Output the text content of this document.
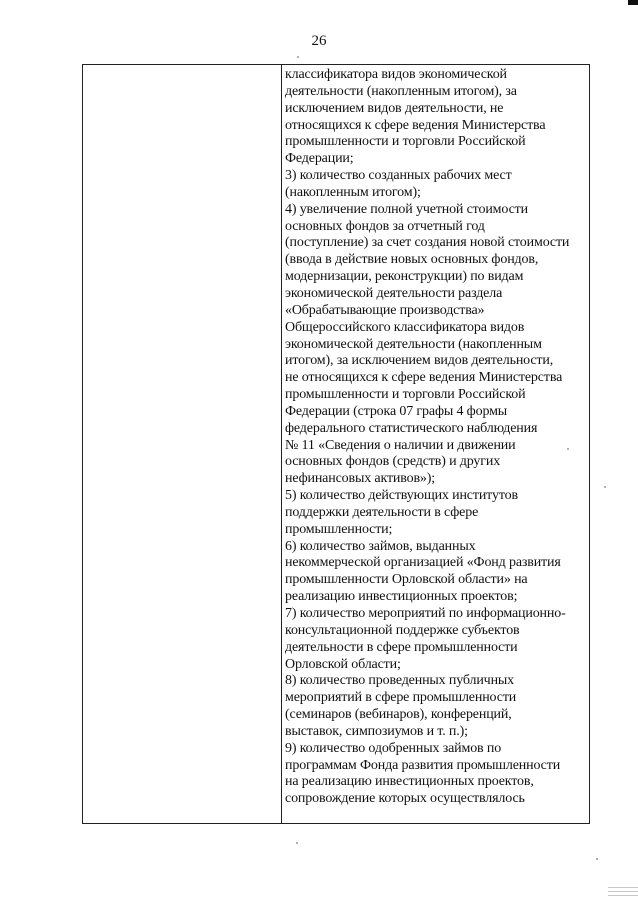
26
классификатора видов экономической
деятельности (накопленным итогом), за
исключением видов деятельности, не
относящихся к сфере ведения Министерства
промышленности и торговли Российской
Федерации;
3) количество созданных рабочих мест
(накопленным итогом);
4) увеличение полной учетной стоимости
основных фондов за отчетный год
(поступление) за счет создания новой стоимости
(ввода в действие новых основных фондов,
модернизации, реконструкции) по видам
экономической деятельности раздела
«Обрабатывающие производства»
Общероссийского классификатора видов
экономической деятельности (накопленным
итогом), за исключением видов деятельности,
не относящихся к сфере ведения Министерства
промышленности и торговли Российской
Федерации (строка 07 графы 4 формы
федерального статистического наблюдения
№ 11 «Сведения о наличии и движении
основных фондов (средств) и других
нефинансовых активов»);
5) количество действующих институтов
поддержки деятельности в сфере
промышленности;
6) количество займов, выданных
некоммерческой организацией «Фонд развития
промышленности Орловской области» на
реализацию инвестиционных проектов;
7) количество мероприятий по информационно-
консультационной поддержке субъектов
деятельности в сфере промышленности
Орловской области;
8) количество проведенных публичных
мероприятий в сфере промышленности
(семинаров (вебинаров), конференций,
выставок, симпозиумов и т. п.);
9) количество одобренных займов по
программам Фонда развития промышленности
на реализацию инвестиционных проектов,
сопровождение которых осуществлялось
